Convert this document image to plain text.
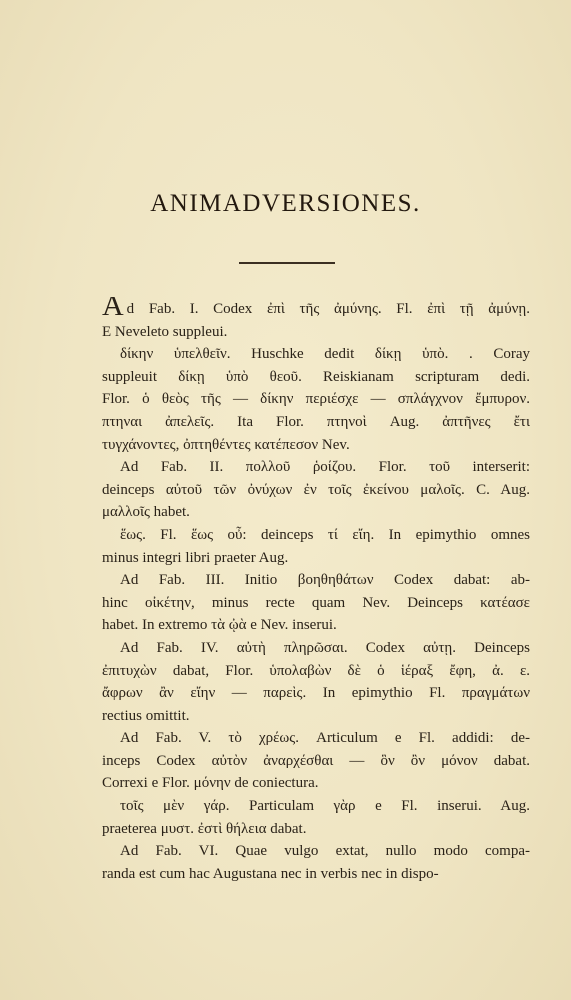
ANIMADVERSIONES.
Ad Fab. I. Codex ἐπὶ τῆς ἀμύνης. Fl. ἐπὶ τῇ ἀμύνῃ.
E Neveleto suppleui.
δίκην ὑπελθεῖν. Huschke dedit δίκῃ ὑπὸ. . Coray
suppleuit δίκῃ ὑπὸ θεοῦ. Reiskianam scripturam dedi.
Flor. ὁ θεὸς τῆς — δίκην περιέσχε — σπλάγχνον ἔμπυρον.
πτηναι ἀπελεῖς. Ita Flor. πτηνοὶ Aug. ἀπτῆνες ἔτι
τυγχάνοντες, ὀπτηθέντες κατέπεσον Nev.
Ad Fab. II. πολλοῦ ῥοίζου. Flor. τοῦ interserit:
deinceps αὐτοῦ τῶν ὀνύχων ἐν τοῖς ἐκείνου μαλοῖς. C. Aug.
μαλλοῖς habet.
ἕως. Fl. ἕως οὖ: deinceps τί εἴη. In epimythio omnes
minus integri libri praeter Aug.
Ad Fab. III. Initio βοηθηθάτων Codex dabat: ab-
hinc οἰκέτην, minus recte quam Nev. Deinceps κατέασε
habet. In extremo τὰ ᾠὰ e Nev. inserui.
Ad Fab. IV. αὐτὴ πληρῶσαι. Codex αὐτῃ. Deinceps
ἐπιτυχὼν dabat, Flor. ὑπολαβὼν δὲ ὁ ἱέραξ ἔφη, ἀ. ε.
ἄφρων ἂν εἴην — παρεὶς. In epimythio Fl. πραγμάτων
rectius omittit.
Ad Fab. V. τὸ χρέως. Articulum e Fl. addidi: de-
inceps Codex αὐτὸν ἀναρχέσθαι — ὃν ὂν μόνον dabat.
Correxi e Flor. μόνην de coniectura.
τοῖς μὲν γάρ. Particulam γὰρ e Fl. inserui. Aug.
praeterea μυστ. ἐστὶ θήλεια dabat.
Ad Fab. VI. Quae vulgo extat, nullo modo compa-
randa est cum hac Augustana nec in verbis nec in dispo-
